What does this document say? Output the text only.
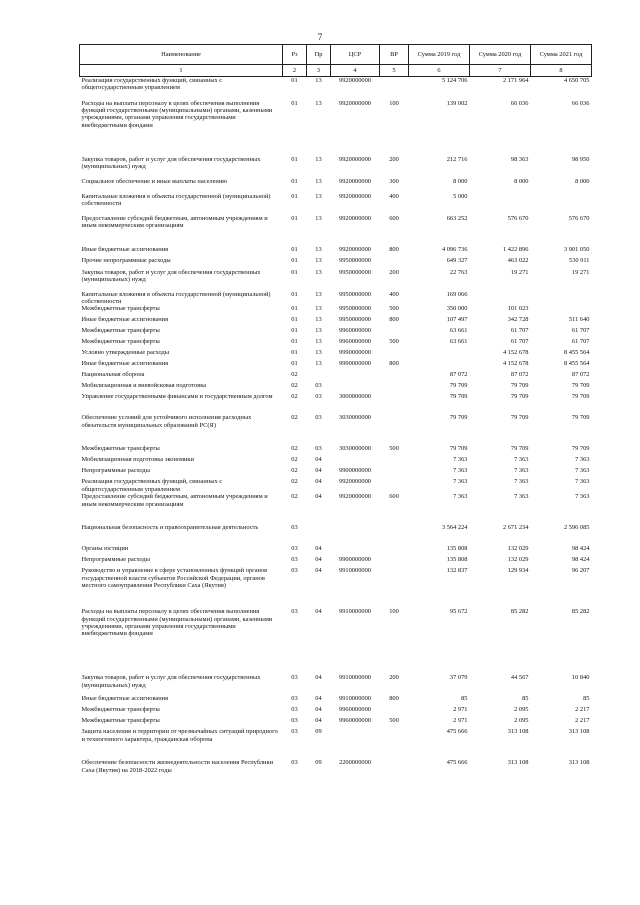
7
Наименование	Рз	Пр	ЦСР	ВР	Сумма 2019 год	Сумма 2020 год	Сумма 2021 год
1	2	3	4	5	6	7	8
Реализация государственных функций, связанных с общегосударственным управлением	01	13	9920000000		5 124 706	2 171 964	4 650 705
Расходы на выплаты персоналу в целях обеспечения выполнения функций государственными (муниципальными) органами, казенными учреждениями, органами управления государственными внебюджетными фондами	01	13	9920000000	100	139 002	66 036	66 036
Закупка товаров, работ и услуг для обеспечения государственных (муниципальных) нужд	01	13	9920000000	200	212 716	98 363	98 950
Социальное обеспечение и иные выплаты населению	01	13	9920000000	300	8 000	8 000	8 000
Капитальные вложения в объекты государственной (муниципальной) собственности	01	13	9920000000	400	5 000		
Предоставление субсидий бюджетным, автономным учреждениям и иным некоммерческим организациям	01	13	9920000000	600	663 252	576 670	576 670
Иные бюджетные ассигнования	01	13	9920000000	800	4 096 736	1 422 896	3 901 050
Прочие непрограммные расходы	01	13	9950000000		649 327	463 022	530 911
Закупка товаров, работ и услуг для обеспечения государственных (муниципальных) нужд	01	13	9950000000	200	22 763	19 271	19 271
Капитальные вложения в объекты государственной (муниципальной) собственности	01	13	9950000000	400	169 066		
Межбюджетные трансферты	01	13	9950000000	500	350 000	101 023	
Иные бюджетные ассигнования	01	13	9950000000	800	107 497	342 728	511 640
Межбюджетные трансферты	01	13	9960000000		63 661	61 707	61 707
Межбюджетные трансферты	01	13	9960000000	500	63 661	61 707	61 707
Условно утвержденные расходы	01	13	9990000000			4 152 678	8 455 564
Иные бюджетные ассигнования	01	13	9990000000	800		4 152 678	8 455 564
Национальная оборона	02				87 072	87 072	87 072
Мобилизационная и вневойсковая подготовка	02	03			79 709	79 709	79 709
Управление государственными финансами и государственным долгом	02	03	3000000000		79 709	79 709	79 709
Обеспечение условий для устойчивого исполнения расходных обязательств муниципальных образований РС(Я)	02	03	3030000000		79 709	79 709	79 709
Межбюджетные трансферты	02	03	3030000000	500	79 709	79 709	79 709
Мобилизационная подготовка экономики	02	04			7 363	7 363	7 363
Непрограммные расходы	02	04	9900000000		7 363	7 363	7 363
Реализация государственных функций, связанных с общегосударственным управлением	02	04	9920000000		7 363	7 363	7 363
Предоставление субсидий бюджетным, автономным учреждениям и иным некоммерческим организациям	02	04	9920000000	600	7 363	7 363	7 363
Национальная безопасность и правоохранительная деятельность	03				3 564 224	2 671 234	2 596 085
Органы юстиции	03	04			135 808	132 029	98 424
Непрограммные расходы	03	04	9900000000		135 808	132 029	98 424
Руководство и управление в сфере установленных функций органов государственной власти субъектов Российской Федерации, органов местного самоуправления Республики Саха (Якутия)	03	04	9910000000		132 837	129 934	96 207
Расходы на выплаты персоналу в целях обеспечения выполнения функций государственными (муниципальными) органами, казенными учреждениями, органами управления государственными внебюджетными фондами	03	04	9910000000	100	95 672	85 282	85 282
Закупка товаров, работ и услуг для обеспечения государственных (муниципальных) нужд	03	04	9910000000	200	37 079	44 567	10 840
Иные бюджетные ассигнования	03	04	9910000000	800	85	85	85
Межбюджетные трансферты	03	04	9960000000		2 971	2 095	2 217
Межбюджетные трансферты	03	04	9960000000	500	2 971	2 095	2 217
Защита населения и территории от чрезвычайных ситуаций природного и техногенного характера, гражданская оборона	03	09			475 666	313 108	313 108
Обеспечение безопасности жизнедеятельности населения Республики Саха (Якутия) на 2018-2022 годы	03	09	2200000000		475 666	313 108	313 108
